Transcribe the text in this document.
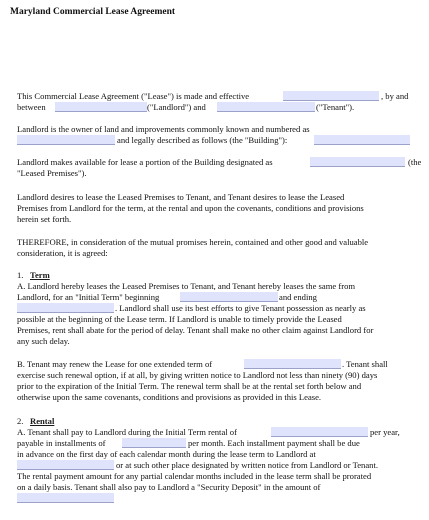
Maryland Commercial Lease Agreement
This Commercial Lease Agreement ("Lease") is made and effective	, by and
between	("Landlord") and	("Tenant").
Landlord is the owner of land and improvements commonly known and numbered as
and legally described as follows (the "Building"):
Landlord makes available for lease a portion of the Building designated as	(the
"Leased Premises").
Landlord desires to lease the Leased Premises to Tenant, and Tenant desires to lease the Leased
Premises from Landlord for the term, at the rental and upon the covenants, conditions and provisions
herein set forth.
THEREFORE, in consideration of the mutual promises herein, contained and other good and valuable
consideration, it is agreed:
1. Term
A. Landlord hereby leases the Leased Premises to Tenant, and Tenant hereby leases the same from
Landlord, for an "Initial Term" beginning	and ending
. Landlord shall use its best efforts to give Tenant possession as nearly as
possible at the beginning of the Lease term. If Landlord is unable to timely provide the Leased
Premises, rent shall abate for the period of delay. Tenant shall make no other claim against Landlord for
any such delay.
B. Tenant may renew the Lease for one extended term of	. Tenant shall
exercise such renewal option, if at all, by giving written notice to Landlord not less than ninety (90) days
prior to the expiration of the Initial Term. The renewal term shall be at the rental set forth below and
otherwise upon the same covenants, conditions and provisions as provided in this Lease.
2. Rental
A. Tenant shall pay to Landlord during the Initial Term rental of	per year,
payable in installments of	per month. Each installment payment shall be due
in advance on the first day of each calendar month during the lease term to Landlord at
or at such other place designated by written notice from Landlord or Tenant.
The rental payment amount for any partial calendar months included in the lease term shall be prorated
on a daily basis. Tenant shall also pay to Landlord a "Security Deposit" in the amount of
